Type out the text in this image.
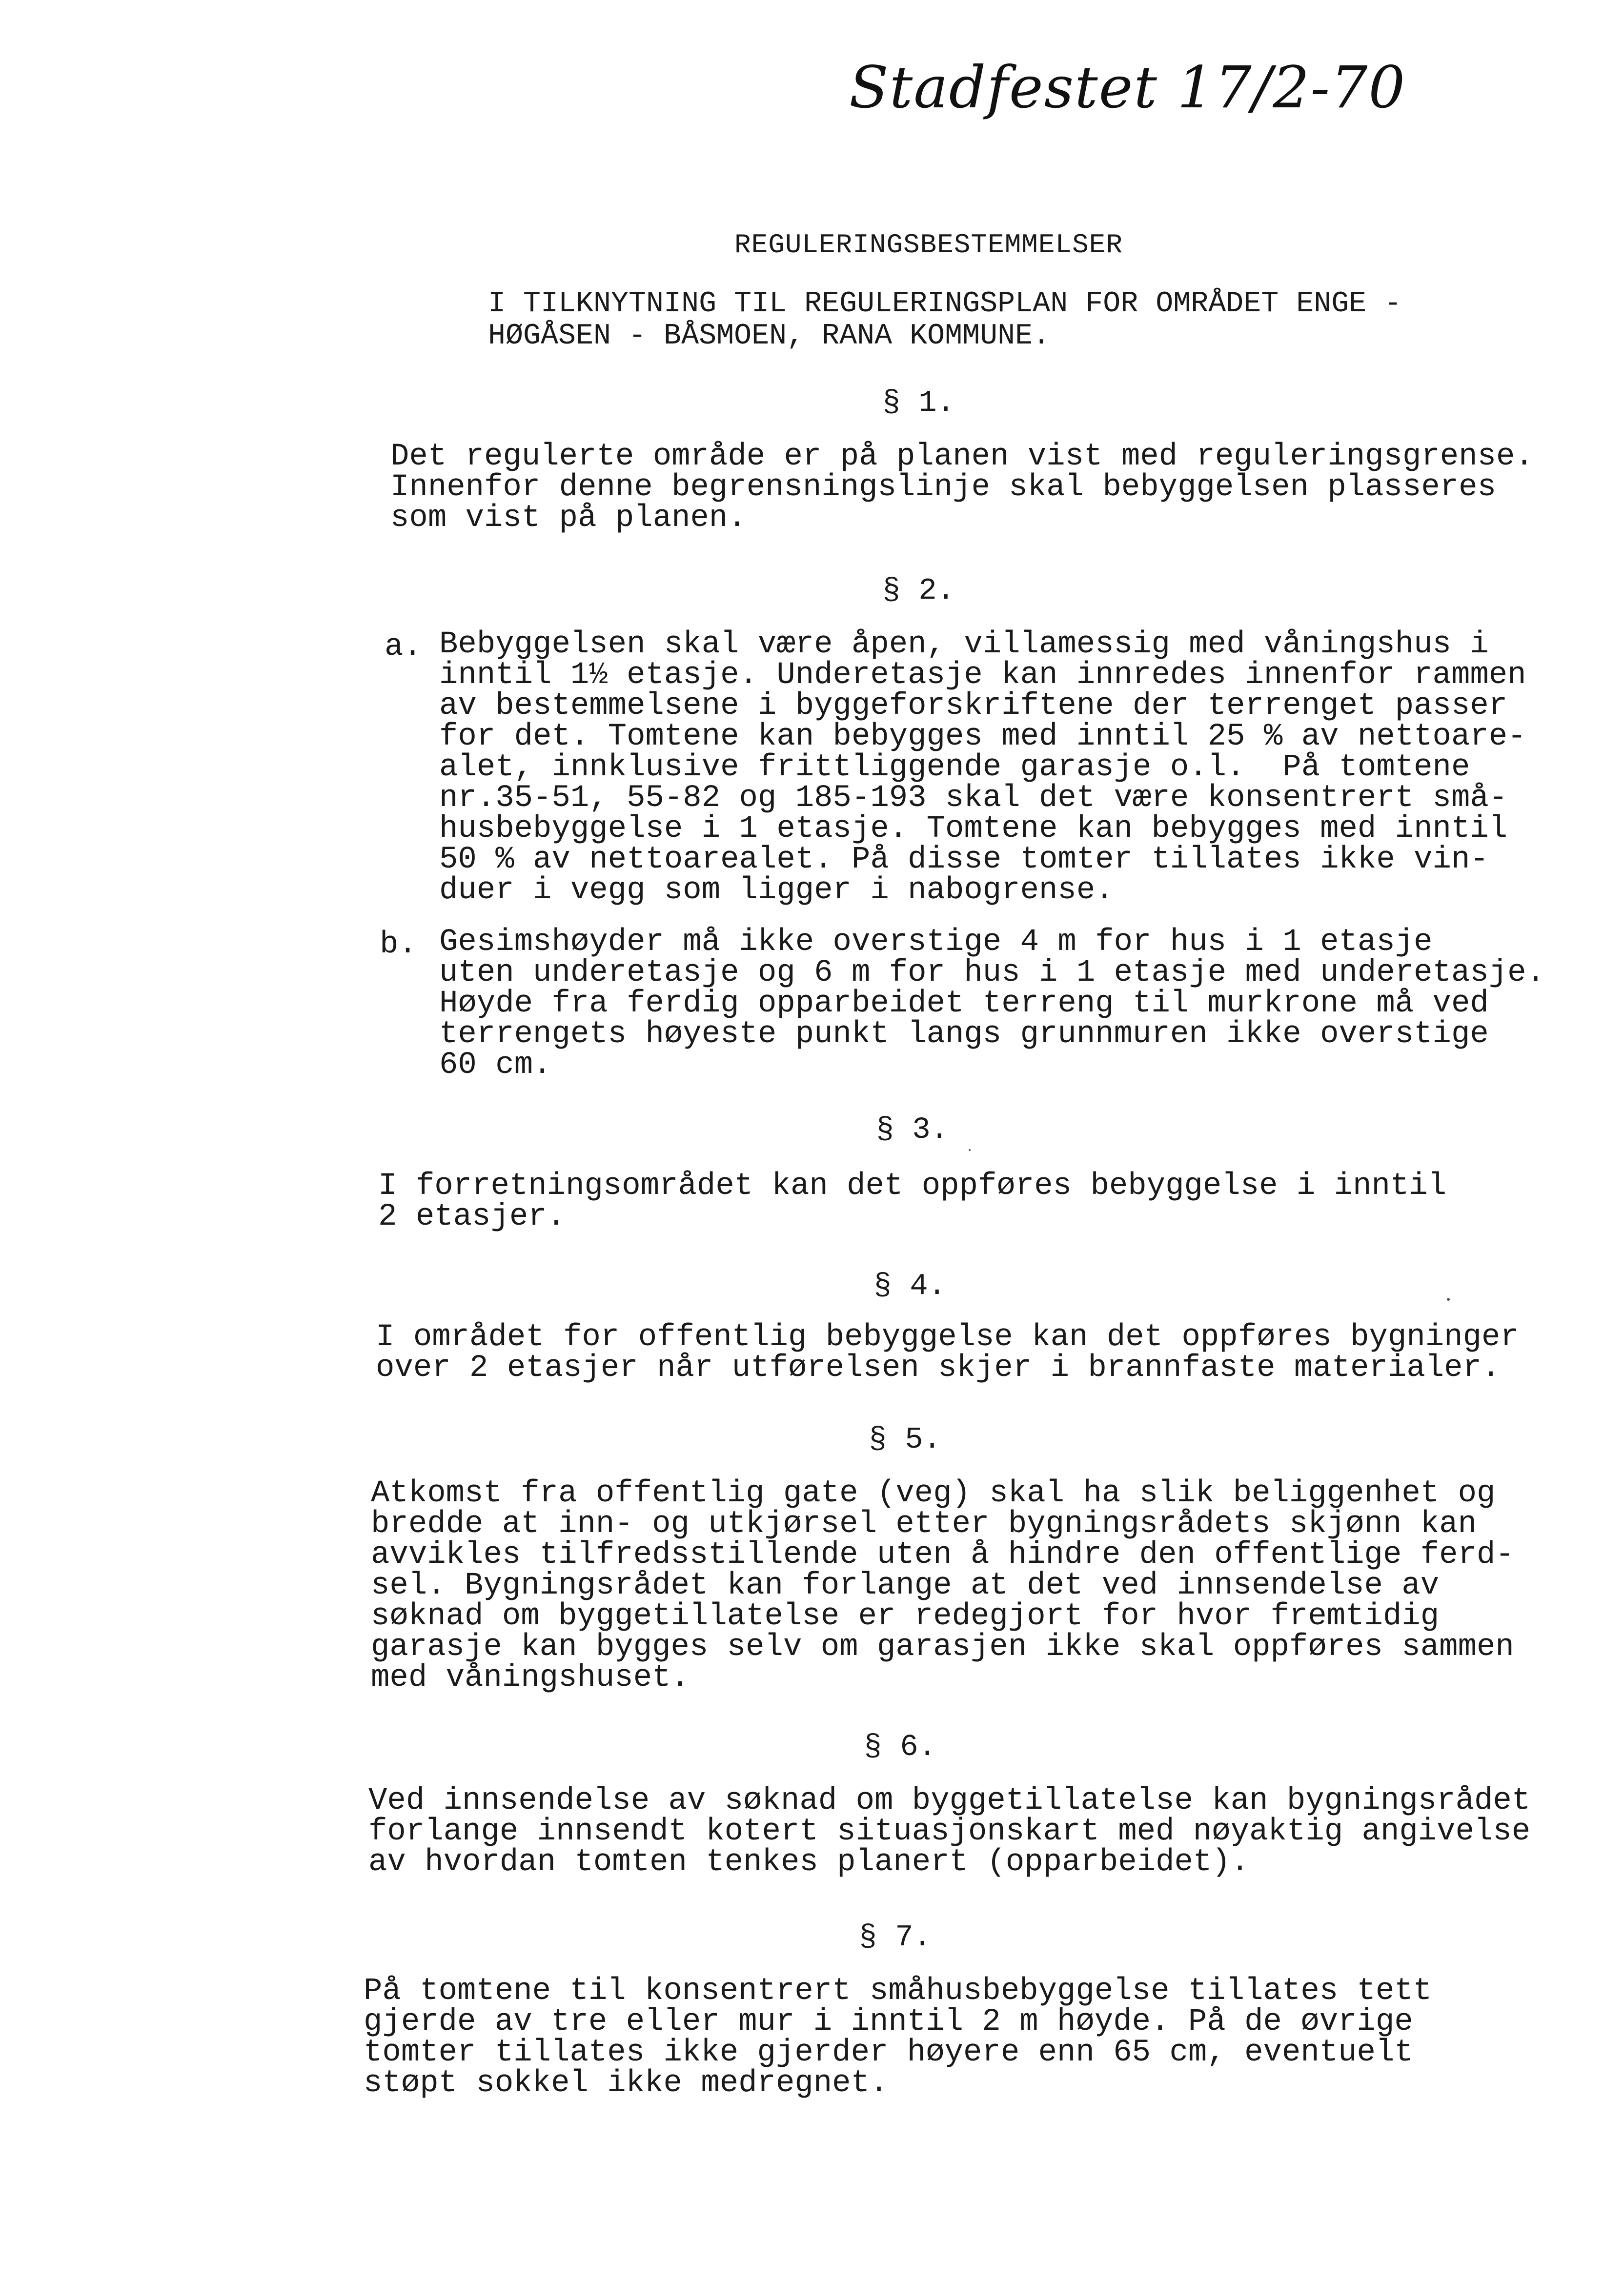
Stadfestet 17/2-70
REGULERINGSBESTEMMELSER
I TILKNYTNING TIL REGULERINGSPLAN FOR OMRÅDET ENGE -
HØGÅSEN - BÅSMOEN, RANA KOMMUNE.
§ 1.
Det regulerte område er på planen vist med reguleringsgrense.
Innenfor denne begrensningslinje skal bebyggelsen plasseres
som vist på planen.
§ 2.
a. Bebyggelsen skal være åpen, villamessig med våningshus i
inntil 1½ etasje. Underetasje kan innredes innenfor rammen
av bestemmelsene i byggeforskriftene der terrenget passer
for det. Tomtene kan bebygges med inntil 25 % av nettoare-
alet, innklusive frittliggende garasje o.l.  På tomtene
nr.35-51, 55-82 og 185-193 skal det være konsentrert små-
husbebyggelse i 1 etasje. Tomtene kan bebygges med inntil
50 % av nettoarealet. På disse tomter tillates ikke vin-
duer i vegg som ligger i nabogrense.
b. Gesimshøyder må ikke overstige 4 m for hus i 1 etasje
uten underetasje og 6 m for hus i 1 etasje med underetasje.
Høyde fra ferdig opparbeidet terreng til murkrone må ved
terrengets høyeste punkt langs grunnmuren ikke overstige
60 cm.
§ 3.
I forretningsområdet kan det oppføres bebyggelse i inntil
2 etasjer.
§ 4.
I området for offentlig bebyggelse kan det oppføres bygninger
over 2 etasjer når utførelsen skjer i brannfaste materialer.
§ 5.
Atkomst fra offentlig gate (veg) skal ha slik beliggenhet og
bredde at inn- og utkjørsel etter bygningsrådets skjønn kan
avvikles tilfredsstillende uten å hindre den offentlige ferd-
sel. Bygningsrådet kan forlange at det ved innsendelse av
søknad om byggetillatelse er redegjort for hvor fremtidig
garasje kan bygges selv om garasjen ikke skal oppføres sammen
med våningshuset.
§ 6.
Ved innsendelse av søknad om byggetillatelse kan bygningsrådet
forlange innsendt kotert situasjonskart med nøyaktig angivelse
av hvordan tomten tenkes planert (opparbeidet).
§ 7.
På tomtene til konsentrert småhusbebyggelse tillates tett
gjerde av tre eller mur i inntil 2 m høyde. På de øvrige
tomter tillates ikke gjerder høyere enn 65 cm, eventuelt
støpt sokkel ikke medregnet.
